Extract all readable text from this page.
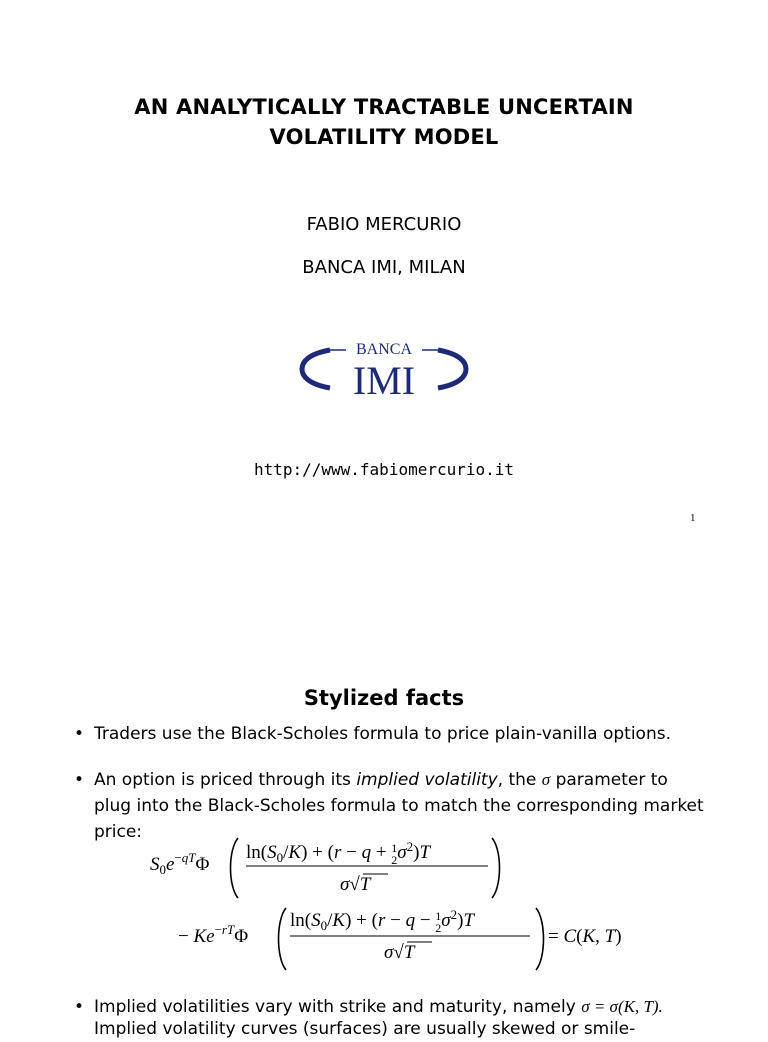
AN ANALYTICALLY TRACTABLE UNCERTAIN
VOLATILITY MODEL
FABIO MERCURIO
BANCA IMI, MILAN
BANCA
IMI
http://www.fabiomercurio.it
1
Stylized facts
• Traders use the Black-Scholes formula to price plain-vanilla options.
• An option is priced through its implied volatility, the σ parameter to plug into the Black-Scholes formula to match the corresponding market price:
$S_0e^-qT\Phi$
$\ln(S_0/K) + (r - q + ^1$ $2\sigma^2)T$
σ√T
− Ke−rTΦ
$\ln(S_0/K) + (r - q - ^1$ $2\sigma^2)T$
σ√T
= C(K, T)
• Implied volatilities vary with strike and maturity, namely σ = σ(K, T).
Implied volatility curves (surfaces) are usually skewed or smile-
